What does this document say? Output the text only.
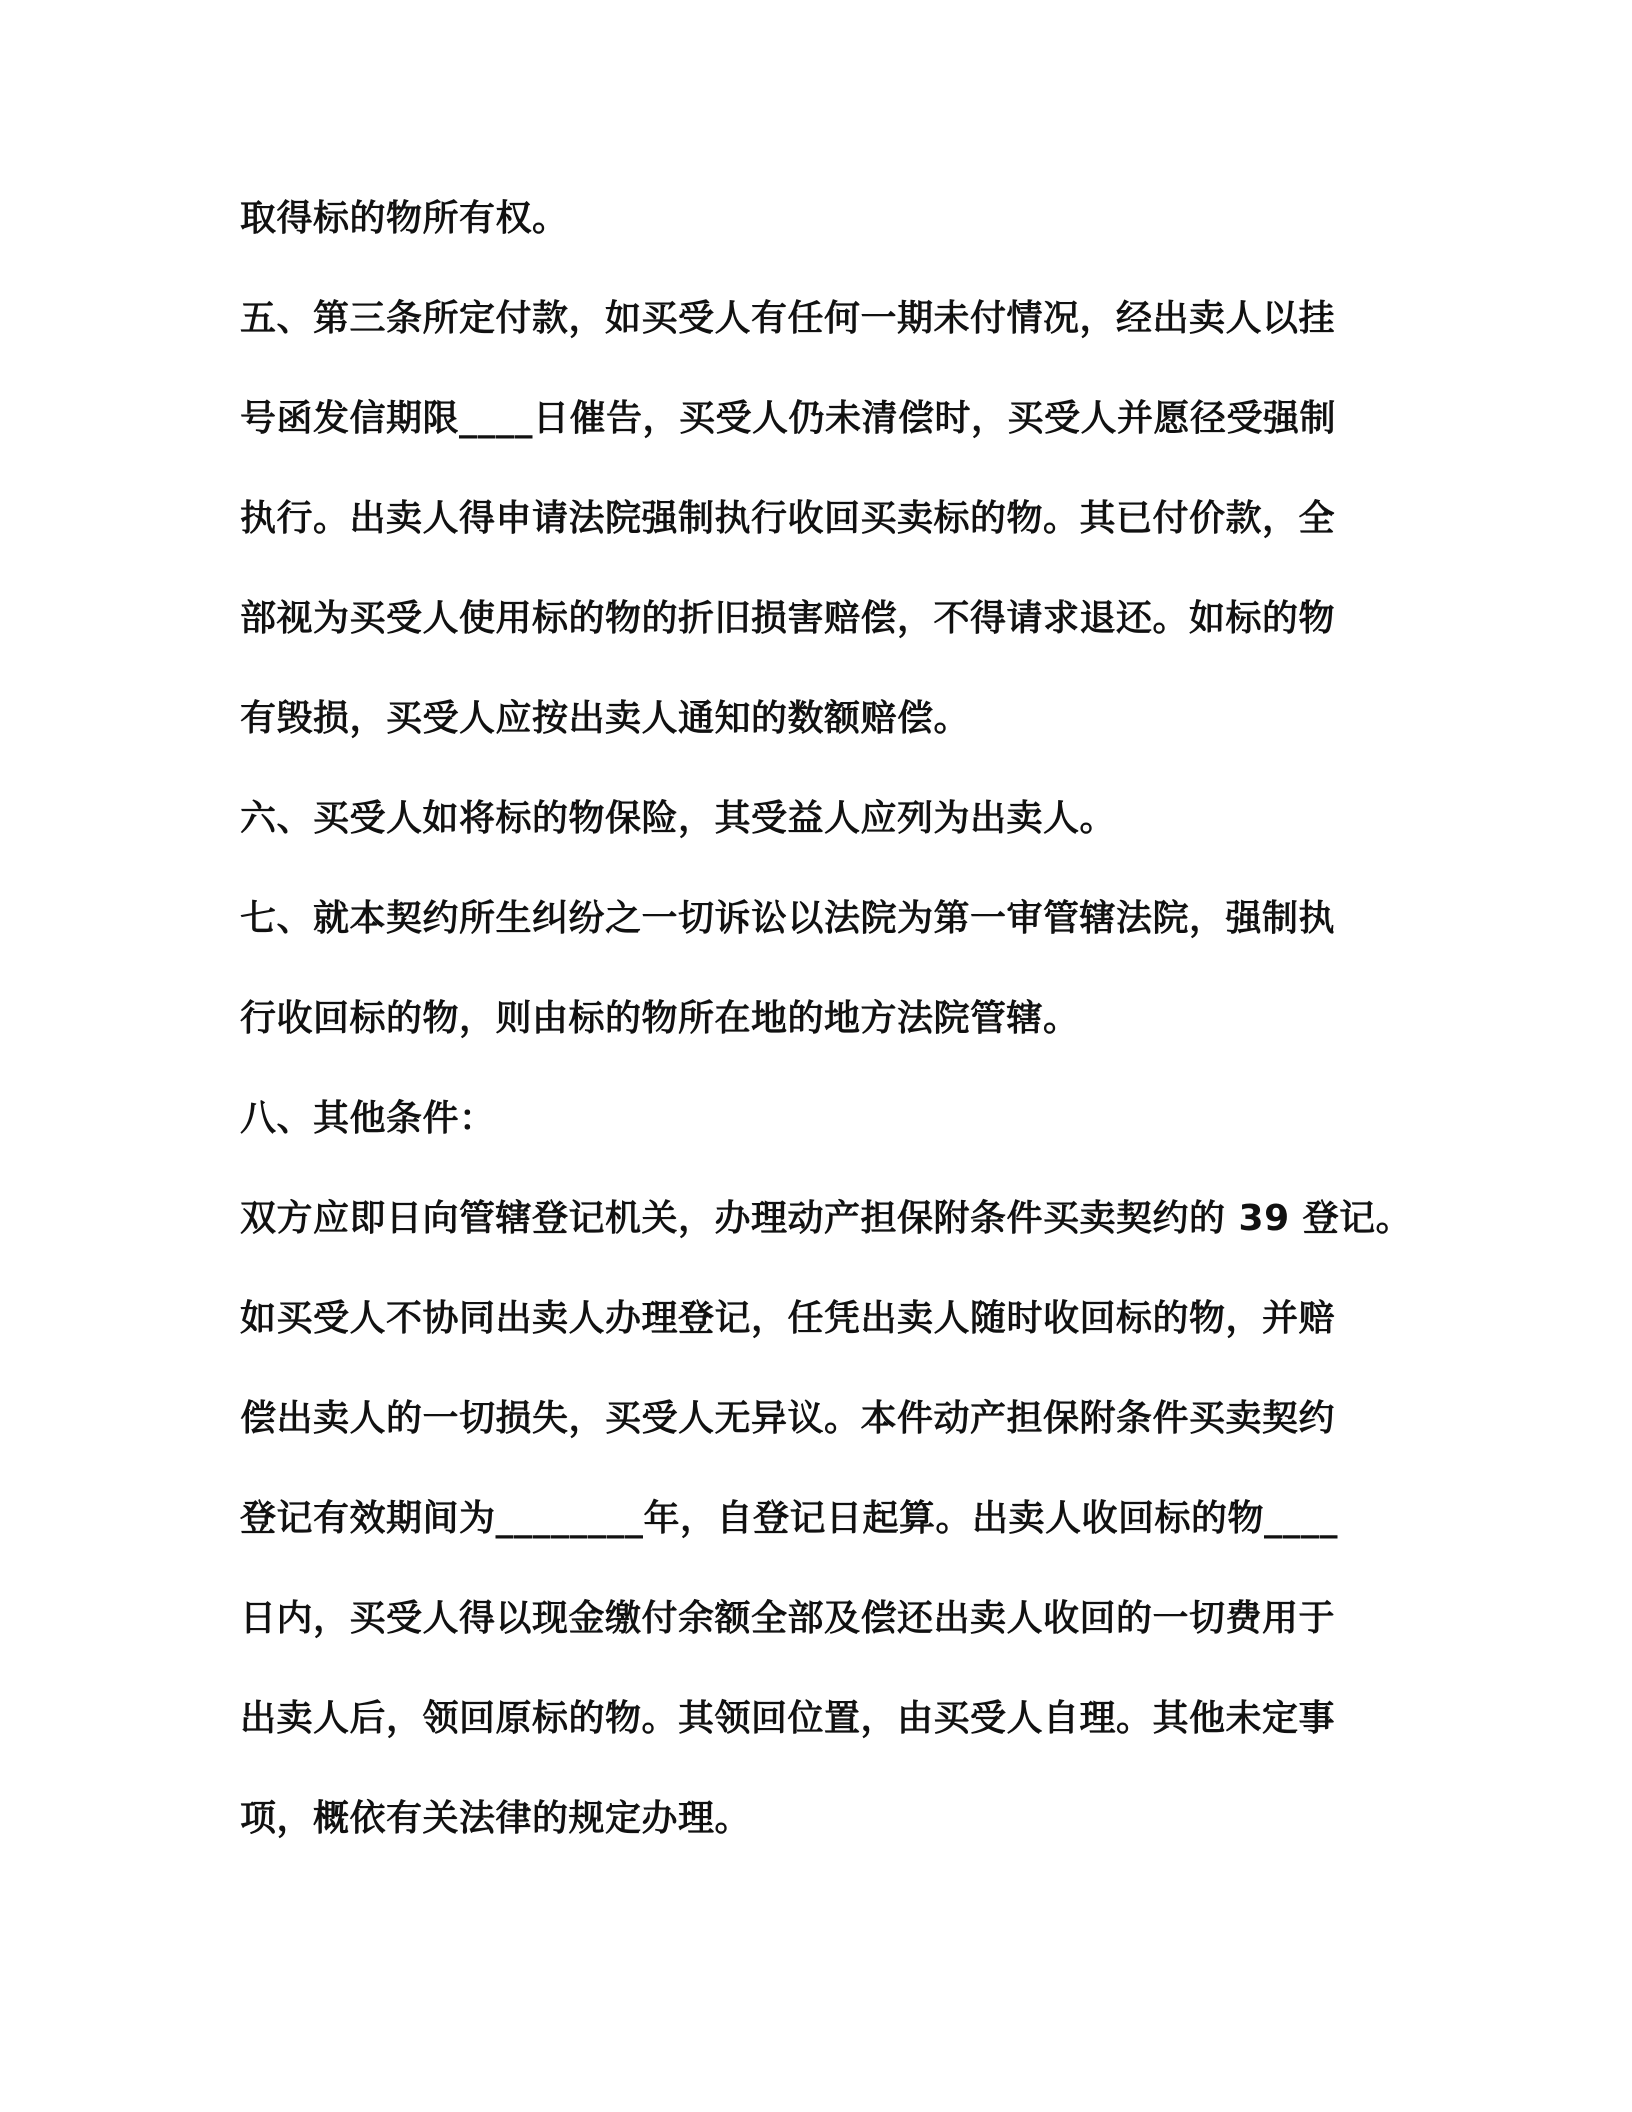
取得标的物所有权。
五、第三条所定付款，如买受人有任何一期未付情况，经出卖人以挂
号函发信期限____日催告，买受人仍未清偿时，买受人并愿径受强制
执行。出卖人得申请法院强制执行收回买卖标的物。其已付价款，全
部视为买受人使用标的物的折旧损害赔偿，不得请求退还。如标的物
有毁损，买受人应按出卖人通知的数额赔偿。
六、买受人如将标的物保险，其受益人应列为出卖人。
七、就本契约所生纠纷之一切诉讼以法院为第一审管辖法院，强制执
行收回标的物，则由标的物所在地的地方法院管辖。
八、其他条件：
双方应即日向管辖登记机关，办理动产担保附条件买卖契约的 39 登记。
如买受人不协同出卖人办理登记，任凭出卖人随时收回标的物，并赔
偿出卖人的一切损失，买受人无异议。本件动产担保附条件买卖契约
登记有效期间为________年，自登记日起算。出卖人收回标的物____
日内，买受人得以现金缴付余额全部及偿还出卖人收回的一切费用于
出卖人后，领回原标的物。其领回位置，由买受人自理。其他未定事
项，概依有关法律的规定办理。
